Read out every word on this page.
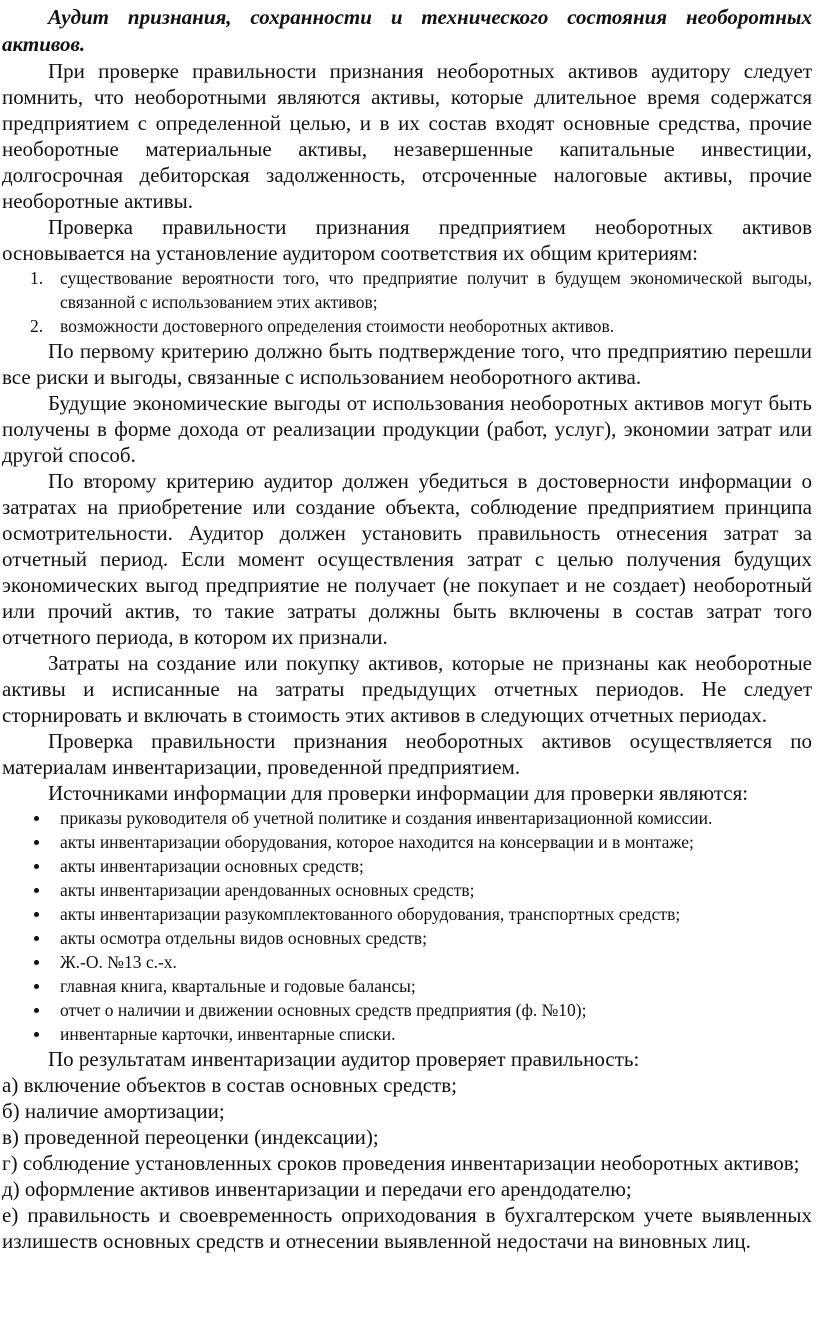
Аудит признания, сохранности и технического состояния необоротных активов.

При проверке правильности признания необоротных активов аудитору следует помнить, что необоротными являются активы, которые длительное время содержатся предприятием с определенной целью, и в их состав входят основные средства, прочие необоротные материальные активы, незавершенные капитальные инвестиции, долгосрочная дебиторская задолженность, отсроченные налоговые активы, прочие необоротные активы.

Проверка правильности признания предприятием необоротных активов основывается на установление аудитором соответствия их общим критериям:

1. существование вероятности того, что предприятие получит в будущем экономической выгоды, связанной с использованием этих активов;
2. возможности достоверного определения стоимости необоротных активов.

По первому критерию должно быть подтверждение того, что предприятию перешли все риски и выгоды, связанные с использованием необоротного актива.

Будущие экономические выгоды от использования необоротных активов могут быть получены в форме дохода от реализации продукции (работ, услуг), экономии затрат или другой способ.

По второму критерию аудитор должен убедиться в достоверности информации о затратах на приобретение или создание объекта, соблюдение предприятием принципа осмотрительности. Аудитор должен установить правильность отнесения затрат за отчетный период. Если момент осуществления затрат с целью получения будущих экономических выгод предприятие не получает (не покупает и не создает) необоротный или прочий актив, то такие затраты должны быть включены в состав затрат того отчетного периода, в котором их признали.

Затраты на создание или покупку активов, которые не признаны как необоротные активы и исписанные на затраты предыдущих отчетных периодов. Не следует сторнировать и включать в стоимость этих активов в следующих отчетных периодах.

Проверка правильности признания необоротных активов осуществляется по материалам инвентаризации, проведенной предприятием.

Источниками информации для проверки информации для проверки являются:

приказы руководителя об учетной политике и создания инвентаризационной комиссии.
акты инвентаризации оборудования, которое находится на консервации и в монтаже;
акты инвентаризации основных средств;
акты инвентаризации арендованных основных средств;
акты инвентаризации разукомплектованного оборудования, транспортных средств;
акты осмотра отдельны видов основных средств;
Ж.-О. №13 с.-х.
главная книга, квартальные и годовые балансы;
отчет о наличии и движении основных средств предприятия (ф. №10);
инвентарные карточки, инвентарные списки.

По результатам инвентаризации аудитор проверяет правильность:

а) включение объектов в состав основных средств;

б) наличие амортизации;

в) проведенной переоценки (индексации);

г) соблюдение установленных сроков проведения инвентаризации необоротных активов;

д) оформление активов инвентаризации и передачи его арендодателю;

е) правильность и своевременность оприходования в бухгалтерском учете выявленных излишеств основных средств и отнесении выявленной недостачи на виновных лиц.
